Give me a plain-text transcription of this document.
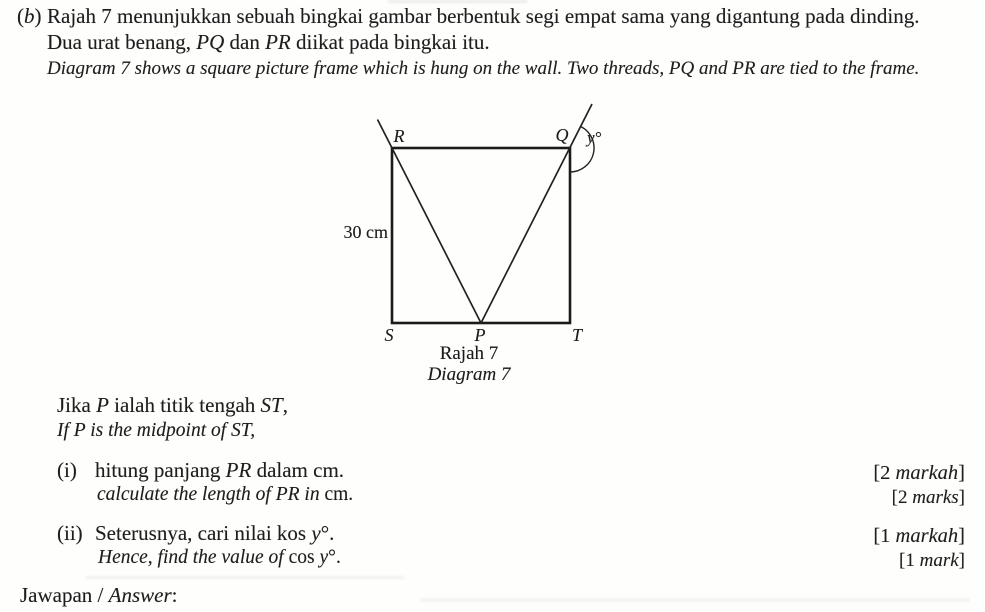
(b) Rajah 7 menunjukkan sebuah bingkai gambar berbentuk segi empat sama yang digantung pada dinding.
Dua urat benang, PQ dan PR diikat pada bingkai itu.
Diagram 7 shows a square picture frame which is hung on the wall. Two threads, PQ and PR are tied to the frame.
R	Q y°
S	P	T
30 cm
Rajah 7
Diagram 7
Jika P ialah titik tengah ST,
If P is the midpoint of ST,
(i) hitung panjang PR dalam cm.
calculate the length of PR in cm.
[2 markah]
[2 marks]
(ii) Seterusnya, cari nilai kos y°.
Hence, find the value of cos y°.
[1 markah]
[1 mark]
Jawapan / Answer:
